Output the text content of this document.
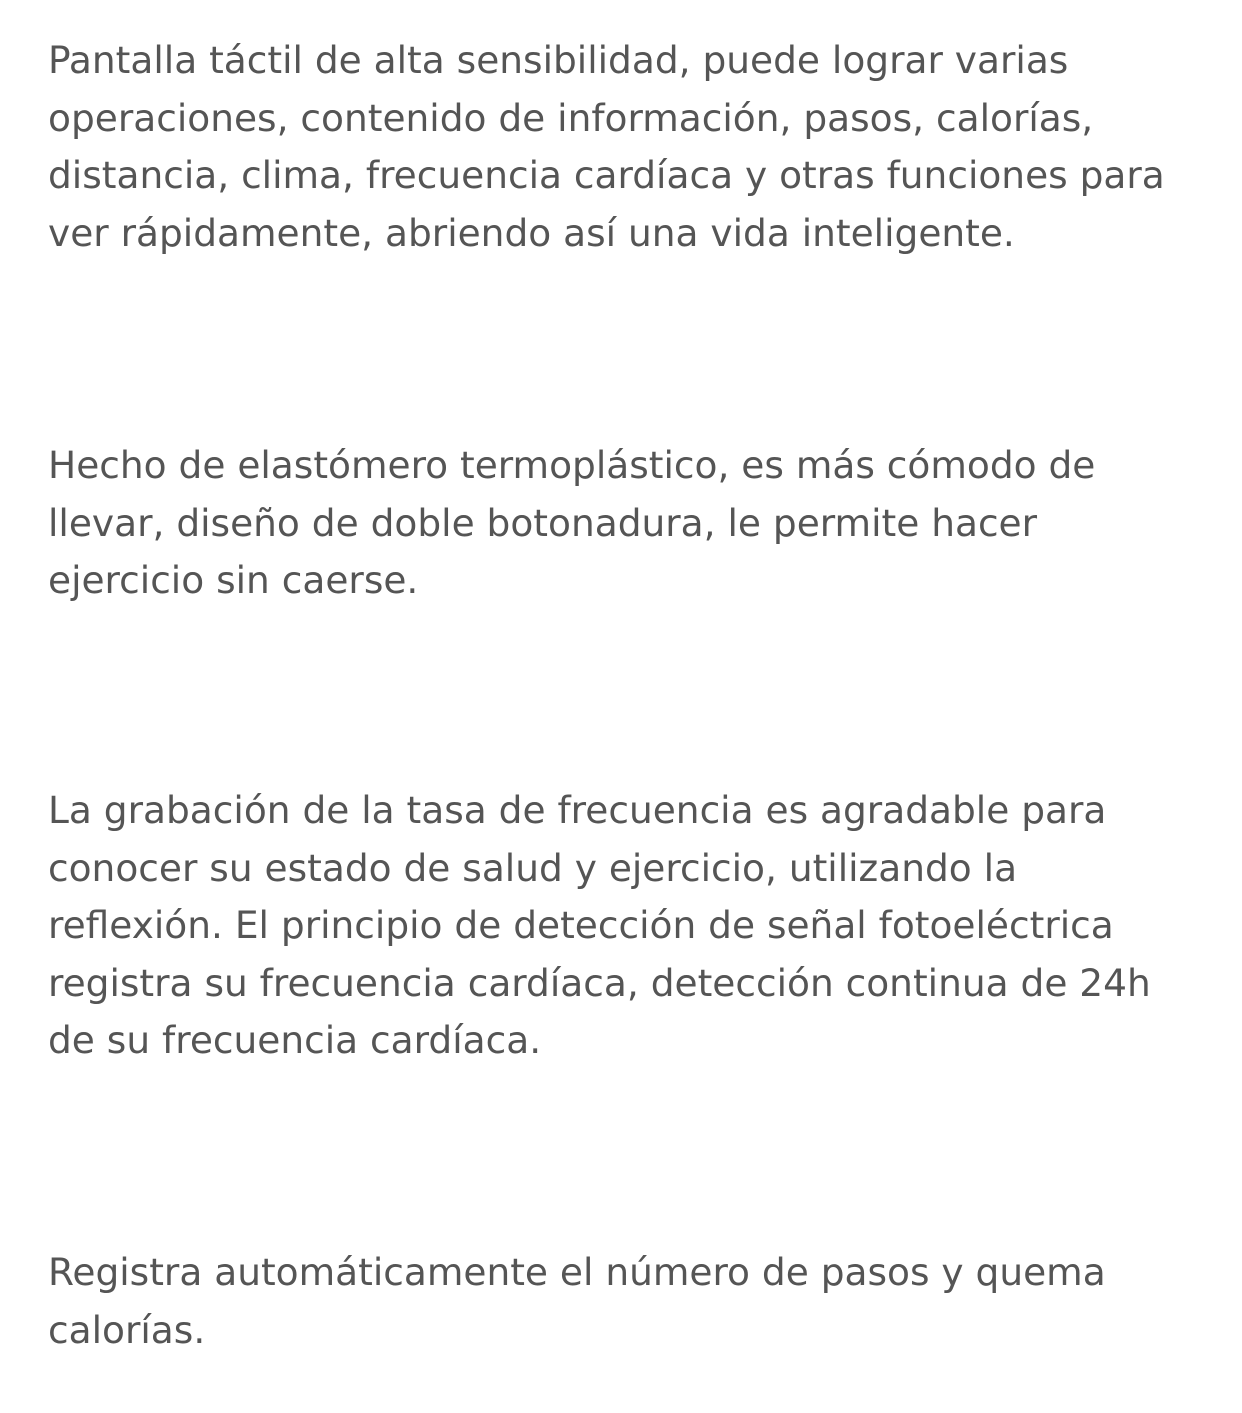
Pantalla táctil de alta sensibilidad, puede lograr varias
operaciones, contenido de información, pasos, calorías,
distancia, clima, frecuencia cardíaca y otras funciones para
ver rápidamente, abriendo así una vida inteligente.

Hecho de elastómero termoplástico, es más cómodo de
llevar, diseño de doble botonadura, le permite hacer
ejercicio sin caerse.

La grabación de la tasa de frecuencia es agradable para
conocer su estado de salud y ejercicio, utilizando la
reflexión. El principio de detección de señal fotoeléctrica
registra su frecuencia cardíaca, detección continua de 24h
de su frecuencia cardíaca.

Registra automáticamente el número de pasos y quema
calorías.
